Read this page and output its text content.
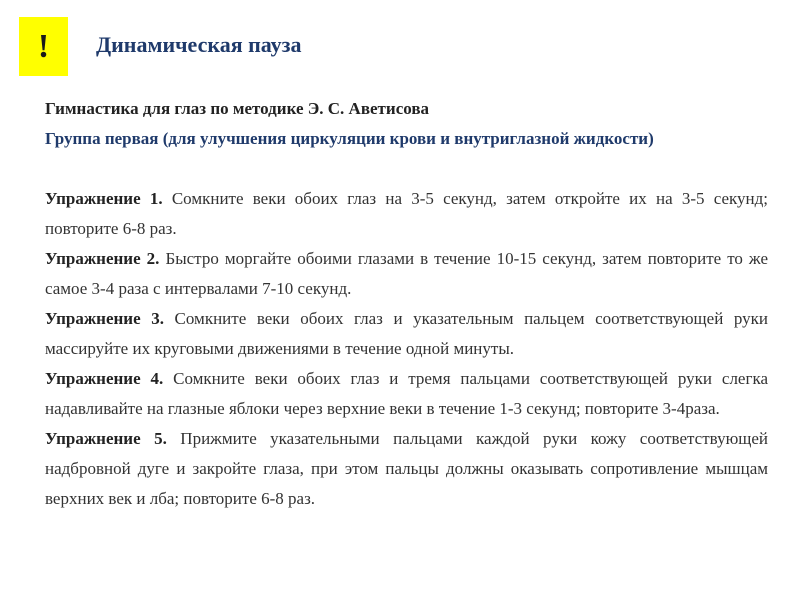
! Динамическая пауза

Гимнастика для глаз по методике Э. С. Аветисова

Группа первая (для улучшения циркуляции крови и внутриглазной жидкости)

Упражнение 1. Сомкните веки обоих глаз на 3-5 секунд, затем откройте их на 3-5 секунд; повторите 6-8 раз.

Упражнение 2. Быстро моргайте обоими глазами в течение 10-15 секунд, затем повторите то же самое 3-4 раза с интервалами 7-10 секунд.

Упражнение 3. Сомкните веки обоих глаз и указательным пальцем соответствующей руки массируйте их круговыми движениями в течение одной минуты.

Упражнение 4. Сомкните веки обоих глаз и тремя пальцами соответствующей руки слегка надавливайте на глазные яблоки через верхние веки в течение 1-3 секунд; повторите 3-4раза.

Упражнение 5. Прижмите указательными пальцами каждой руки кожу соответствующей надбровной дуге и закройте глаза, при этом пальцы должны оказывать сопротивление мышцам верхних век и лба; повторите 6-8 раз.
